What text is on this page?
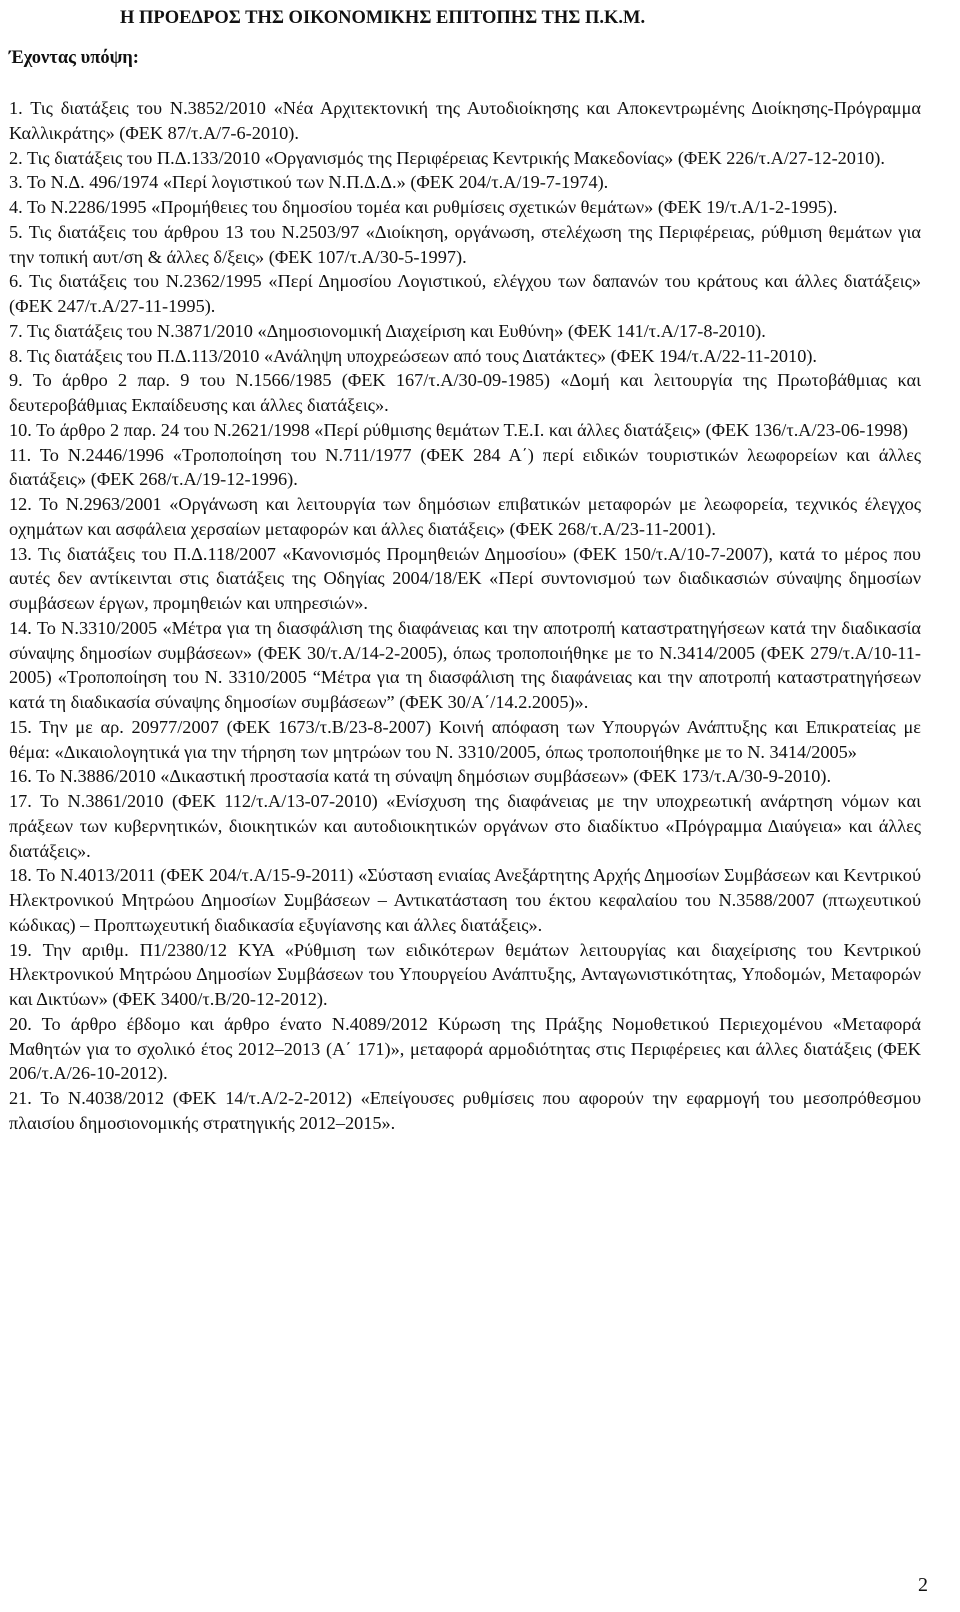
Η ΠΡΟΕΔΡΟΣ ΤΗΣ ΟΙΚΟΝΟΜΙΚΗΣ ΕΠΙΤΟΠΗΣ ΤΗΣ Π.Κ.Μ.
Έχοντας υπόψη:
1. Τις διατάξεις του Ν.3852/2010 «Νέα Αρχιτεκτονική της Αυτοδιοίκησης και Αποκεντρωμένης Διοίκησης-Πρόγραμμα Καλλικράτης» (ΦΕΚ 87/τ.Α/7-6-2010).
2. Τις διατάξεις του Π.Δ.133/2010 «Οργανισμός της Περιφέρειας Κεντρικής Μακεδονίας» (ΦΕΚ 226/τ.Α/27-12-2010).
3. Το Ν.Δ. 496/1974 «Περί λογιστικού των Ν.Π.Δ.Δ.» (ΦΕΚ 204/τ.Α/19-7-1974).
4. Το Ν.2286/1995 «Προμήθειες του δημοσίου τομέα και ρυθμίσεις σχετικών θεμάτων» (ΦΕΚ 19/τ.Α/1-2-1995).
5. Τις διατάξεις του άρθρου 13 του Ν.2503/97 «Διοίκηση, οργάνωση, στελέχωση της Περιφέρειας, ρύθμιση θεμάτων για την τοπική αυτ/ση & άλλες δ/ξεις» (ΦΕΚ 107/τ.Α/30-5-1997).
6. Τις διατάξεις του Ν.2362/1995 «Περί Δημοσίου Λογιστικού, ελέγχου των δαπανών του κράτους και άλλες διατάξεις» (ΦΕΚ 247/τ.Α/27-11-1995).
7. Τις διατάξεις του Ν.3871/2010 «Δημοσιονομική Διαχείριση και Ευθύνη» (ΦΕΚ 141/τ.Α/17-8-2010).
8. Τις διατάξεις του Π.Δ.113/2010 «Ανάληψη υποχρεώσεων από τους Διατάκτες» (ΦΕΚ 194/τ.Α/22-11-2010).
9. Το άρθρο 2 παρ. 9 του Ν.1566/1985 (ΦΕΚ 167/τ.Α/30-09-1985) «Δομή και λειτουργία της Πρωτοβάθμιας και δευτεροβάθμιας Εκπαίδευσης και άλλες διατάξεις».
10. Το άρθρο 2 παρ. 24 του Ν.2621/1998 «Περί ρύθμισης θεμάτων Τ.Ε.Ι. και άλλες διατάξεις» (ΦΕΚ 136/τ.Α/23-06-1998)
11. Το Ν.2446/1996 «Τροποποίηση του Ν.711/1977 (ΦΕΚ 284 Α΄) περί ειδικών τουριστικών λεωφορείων και άλλες διατάξεις» (ΦΕΚ 268/τ.Α/19-12-1996).
12. Το Ν.2963/2001 «Οργάνωση και λειτουργία των δημόσιων επιβατικών μεταφορών με λεωφορεία, τεχνικός έλεγχος οχημάτων και ασφάλεια χερσαίων μεταφορών και άλλες διατάξεις» (ΦΕΚ 268/τ.Α/23-11-2001).
13. Τις διατάξεις του Π.Δ.118/2007 «Κανονισμός Προμηθειών Δημοσίου» (ΦΕΚ 150/τ.Α/10-7-2007), κατά το μέρος που αυτές δεν αντίκεινται στις διατάξεις της Οδηγίας 2004/18/ΕΚ «Περί συντονισμού των διαδικασιών σύναψης δημοσίων συμβάσεων έργων, προμηθειών και υπηρεσιών».
14. Το Ν.3310/2005 «Μέτρα για τη διασφάλιση της διαφάνειας και την αποτροπή καταστρατηγήσεων κατά την διαδικασία σύναψης δημοσίων συμβάσεων» (ΦΕΚ 30/τ.Α/14-2-2005), όπως τροποποιήθηκε με το Ν.3414/2005 (ΦΕΚ 279/τ.Α/10-11-2005) «Τροποποίηση του Ν. 3310/2005 “Μέτρα για τη διασφάλιση της διαφάνειας και την αποτροπή καταστρατηγήσεων κατά τη διαδικασία σύναψης δημοσίων συμβάσεων” (ΦΕΚ 30/Α΄/14.2.2005)».
15. Την με αρ. 20977/2007 (ΦΕΚ 1673/τ.Β/23-8-2007) Κοινή απόφαση των Υπουργών Ανάπτυξης και Επικρατείας με θέμα: «Δικαιολογητικά για την τήρηση των μητρώων του Ν. 3310/2005, όπως τροποποιήθηκε με το Ν. 3414/2005»
16. Το Ν.3886/2010 «Δικαστική προστασία κατά τη σύναψη δημόσιων συμβάσεων» (ΦΕΚ 173/τ.Α/30-9-2010).
17. Το Ν.3861/2010 (ΦΕΚ 112/τ.Α/13-07-2010) «Ενίσχυση της διαφάνειας με την υποχρεωτική ανάρτηση νόμων και πράξεων των κυβερνητικών, διοικητικών και αυτοδιοικητικών οργάνων στο διαδίκτυο «Πρόγραμμα Διαύγεια» και άλλες διατάξεις».
18. Το Ν.4013/2011 (ΦΕΚ 204/τ.Α/15-9-2011) «Σύσταση ενιαίας Ανεξάρτητης Αρχής Δημοσίων Συμβάσεων και Κεντρικού Ηλεκτρονικού Μητρώου Δημοσίων Συμβάσεων – Αντικατάσταση του έκτου κεφαλαίου του Ν.3588/2007 (πτωχευτικού κώδικας) – Προπτωχευτική διαδικασία εξυγίανσης και άλλες διατάξεις».
19. Την αριθμ. Π1/2380/12 ΚΥΑ «Ρύθμιση των ειδικότερων θεμάτων λειτουργίας και διαχείρισης του Κεντρικού Ηλεκτρονικού Μητρώου Δημοσίων Συμβάσεων του Υπουργείου Ανάπτυξης, Ανταγωνιστικότητας, Υποδομών, Μεταφορών και Δικτύων» (ΦΕΚ 3400/τ.Β/20-12-2012).
20. Το άρθρο έβδομο και άρθρο ένατο Ν.4089/2012 Κύρωση της Πράξης Νομοθετικού Περιεχομένου «Μεταφορά Μαθητών για το σχολικό έτος 2012–2013 (Α΄ 171)», μεταφορά αρμοδιότητας στις Περιφέρειες και άλλες διατάξεις (ΦΕΚ 206/τ.Α/26-10-2012).
21. Το Ν.4038/2012 (ΦΕΚ 14/τ.Α/2-2-2012) «Επείγουσες ρυθμίσεις που αφορούν την εφαρμογή του μεσοπρόθεσμου πλαισίου δημοσιονομικής στρατηγικής 2012–2015».
2
